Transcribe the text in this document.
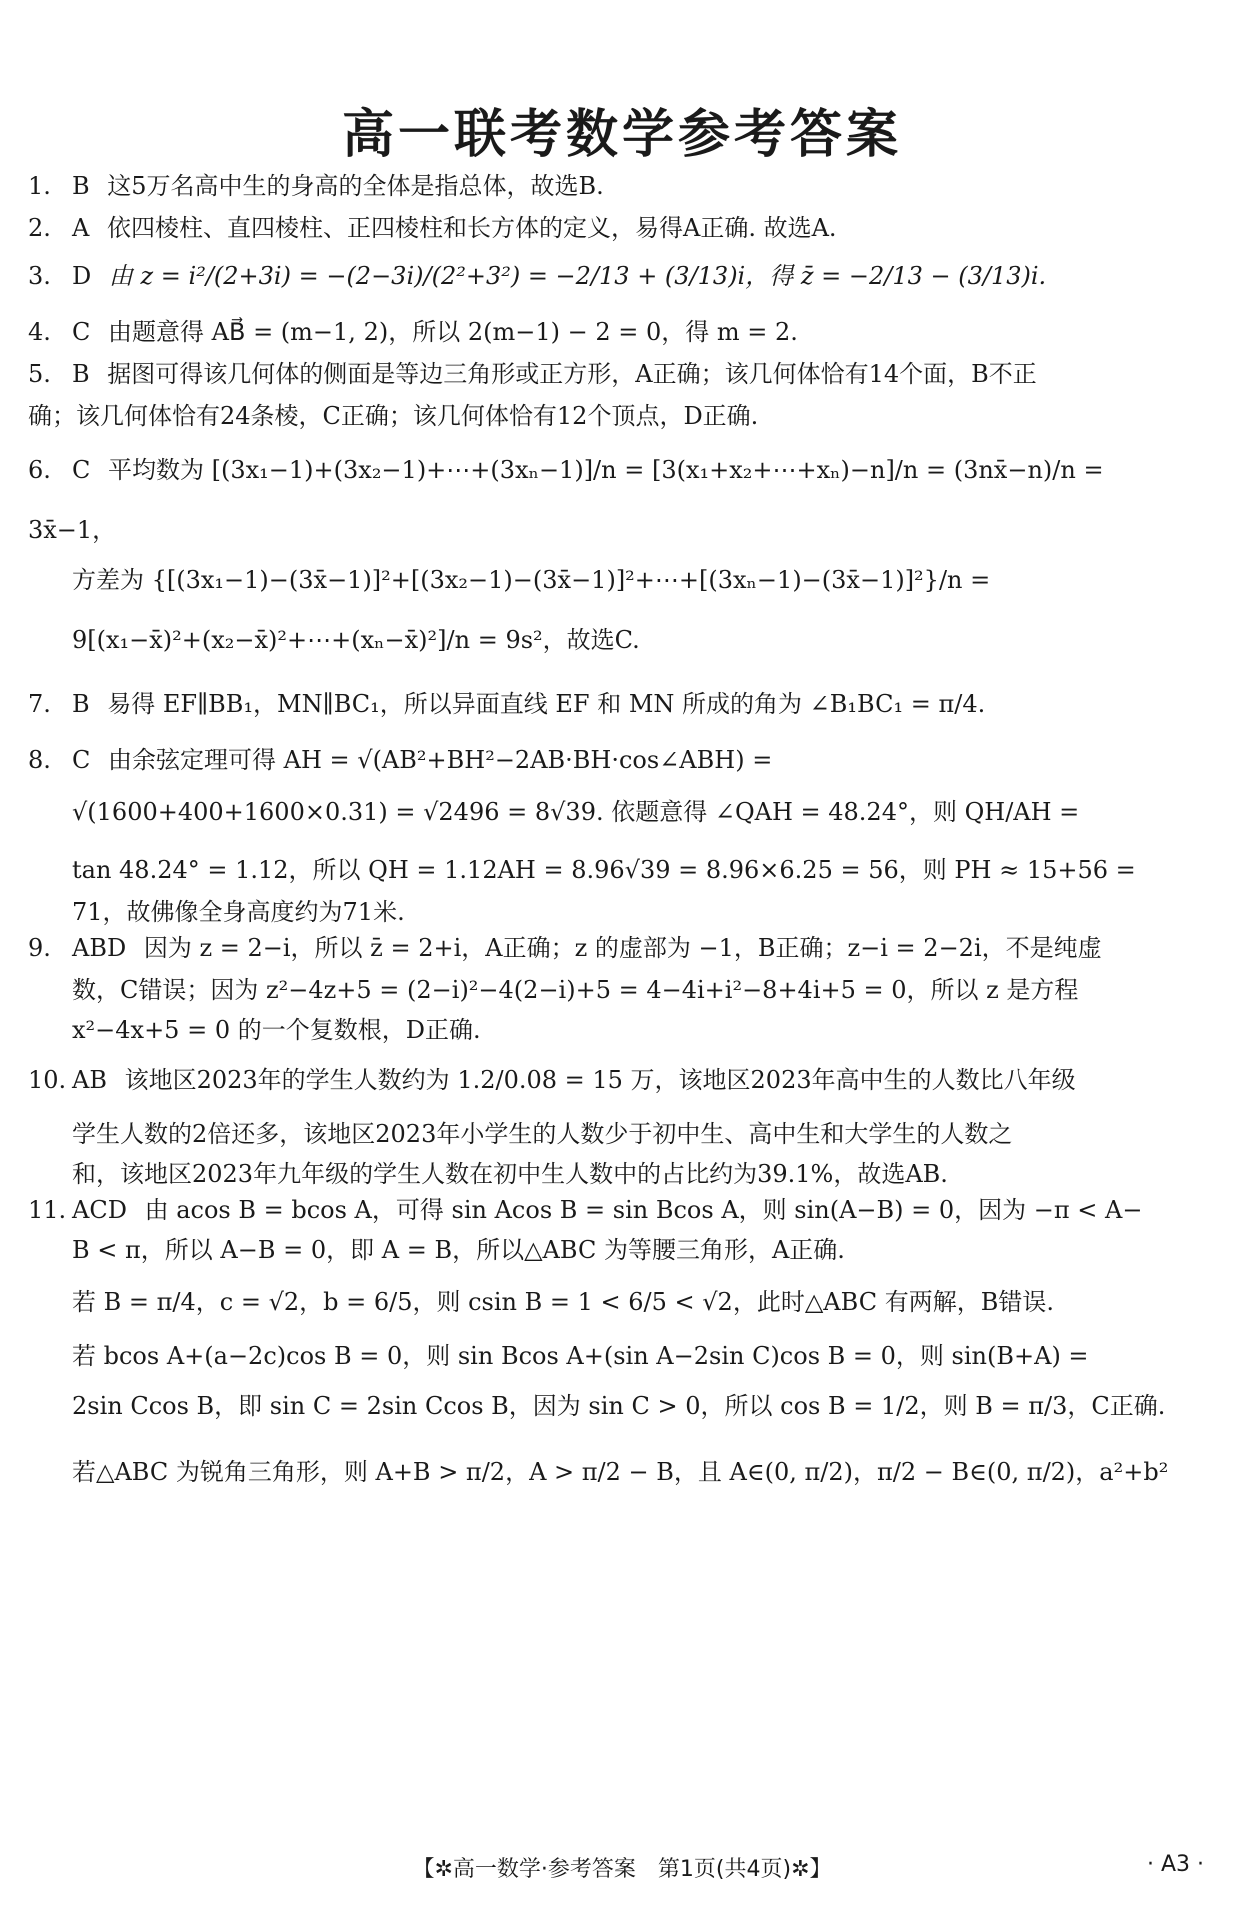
高一联考数学参考答案
1. B 这5万名高中生的身高的全体是指总体，故选B.
2. A 依四棱柱、直四棱柱、正四棱柱和长方体的定义，易得A正确. 故选A.
3. D 由 z = i²/(2+3i) = −(2−3i)/(2²+3²) = −2/13 + (3/13)i，得 z̄ = −2/13 − (3/13)i.
4. C 由题意得 AB⃗ = (m−1, 2)，所以 2(m−1) − 2 = 0，得 m = 2.
5. B 据图可得该几何体的侧面是等边三角形或正方形，A正确；该几何体恰有14个面，B不正
确；该几何体恰有24条棱，C正确；该几何体恰有12个顶点，D正确.
6. C 平均数为 [(3x₁−1)+(3x₂−1)+⋯+(3xₙ−1)]/n = [3(x₁+x₂+⋯+xₙ)−n]/n = (3nx̄−n)/n =
3x̄−1，
方差为 {[(3x₁−1)−(3x̄−1)]²+[(3x₂−1)−(3x̄−1)]²+⋯+[(3xₙ−1)−(3x̄−1)]²}/n =
9[(x₁−x̄)²+(x₂−x̄)²+⋯+(xₙ−x̄)²]/n = 9s²，故选C.
7. B 易得 EF∥BB₁，MN∥BC₁，所以异面直线 EF 和 MN 所成的角为 ∠B₁BC₁ = π/4.
8. C 由余弦定理可得 AH = √(AB²+BH²−2AB·BH·cos∠ABH) =
√(1600+400+1600×0.31) = √2496 = 8√39. 依题意得 ∠QAH = 48.24°，则 QH/AH =
tan 48.24° = 1.12，所以 QH = 1.12AH = 8.96√39 = 8.96×6.25 = 56，则 PH ≈ 15+56 =
71，故佛像全身高度约为71米.
9. ABD 因为 z = 2−i，所以 z̄ = 2+i，A正确；z 的虚部为 −1，B正确；z−i = 2−2i，不是纯虚
数，C错误；因为 z²−4z+5 = (2−i)²−4(2−i)+5 = 4−4i+i²−8+4i+5 = 0，所以 z 是方程
x²−4x+5 = 0 的一个复数根，D正确.
10. AB 该地区2023年的学生人数约为 1.2/0.08 = 15 万，该地区2023年高中生的人数比八年级
学生人数的2倍还多，该地区2023年小学生的人数少于初中生、高中生和大学生的人数之
和，该地区2023年九年级的学生人数在初中生人数中的占比约为39.1%，故选AB.
11. ACD 由 acos B = bcos A，可得 sin Acos B = sin Bcos A，则 sin(A−B) = 0，因为 −π < A−
B < π，所以 A−B = 0，即 A = B，所以△ABC 为等腰三角形，A正确.
若 B = π/4，c = √2，b = 6/5，则 csin B = 1 < 6/5 < √2，此时△ABC 有两解，B错误.
若 bcos A+(a−2c)cos B = 0，则 sin Bcos A+(sin A−2sin C)cos B = 0，则 sin(B+A) =
2sin Ccos B，即 sin C = 2sin Ccos B，因为 sin C > 0，所以 cos B = 1/2，则 B = π/3，C正确.
若△ABC 为锐角三角形，则 A+B > π/2，A > π/2 − B，且 A∈(0, π/2)，π/2 − B∈(0, π/2)，a²+b²
【✲高一数学·参考答案　第1页(共4页)✲】	· A3 ·
